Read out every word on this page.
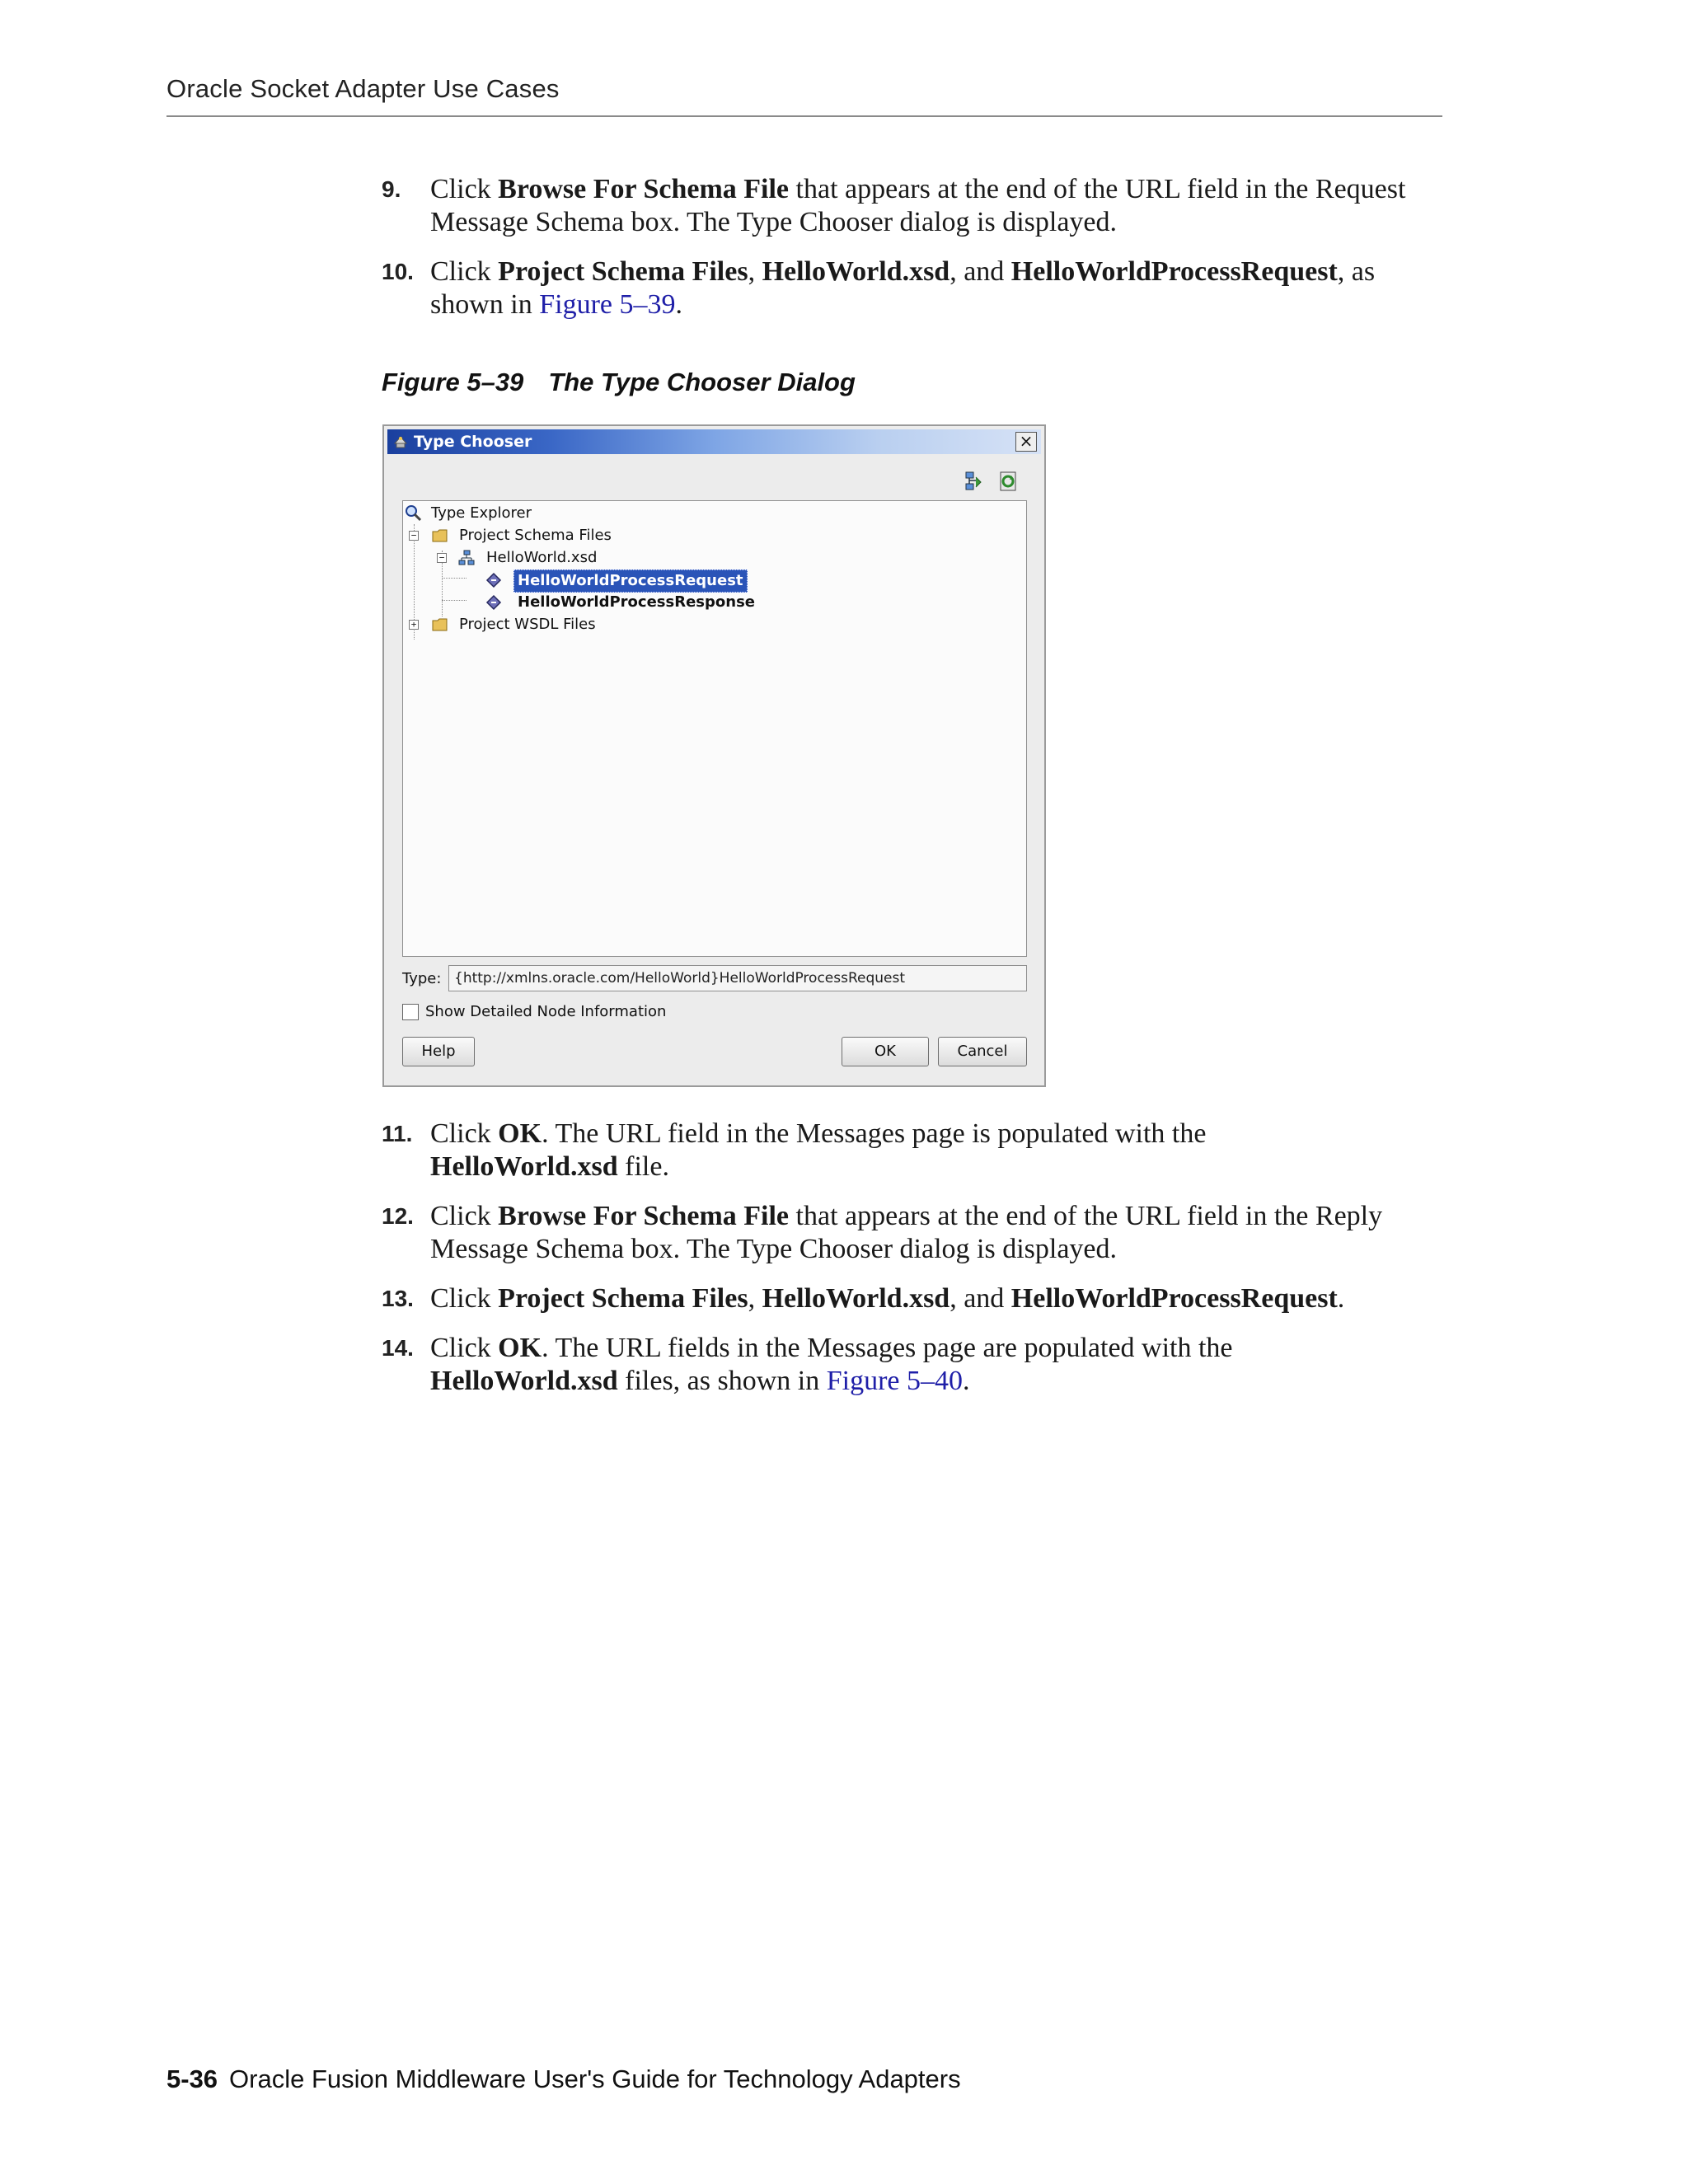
Oracle Socket Adapter Use Cases
9. Click Browse For Schema File that appears at the end of the URL field in the Request Message Schema box. The Type Chooser dialog is displayed.
10. Click Project Schema Files, HelloWorld.xsd, and HelloWorldProcessRequest, as shown in Figure 5–39.
Figure 5–39 The Type Chooser Dialog
Type Chooser	×
Type Explorer
−	Project Schema Files
−	HelloWorld.xsd
HelloWorldProcessRequest
HelloWorldProcessResponse
+	Project WSDL Files
Type: {http://xmlns.oracle.com/HelloWorld}HelloWorldProcessRequest
Show Detailed Node Information
Help	OK	Cancel
11. Click OK. The URL field in the Messages page is populated with the
HelloWorld.xsd file.
12. Click Browse For Schema File that appears at the end of the URL field in the Reply Message Schema box. The Type Chooser dialog is displayed.
13. Click Project Schema Files, HelloWorld.xsd, and HelloWorldProcessRequest.
14. Click OK. The URL fields in the Messages page are populated with the
HelloWorld.xsd files, as shown in Figure 5–40.
5-36 Oracle Fusion Middleware User's Guide for Technology Adapters
